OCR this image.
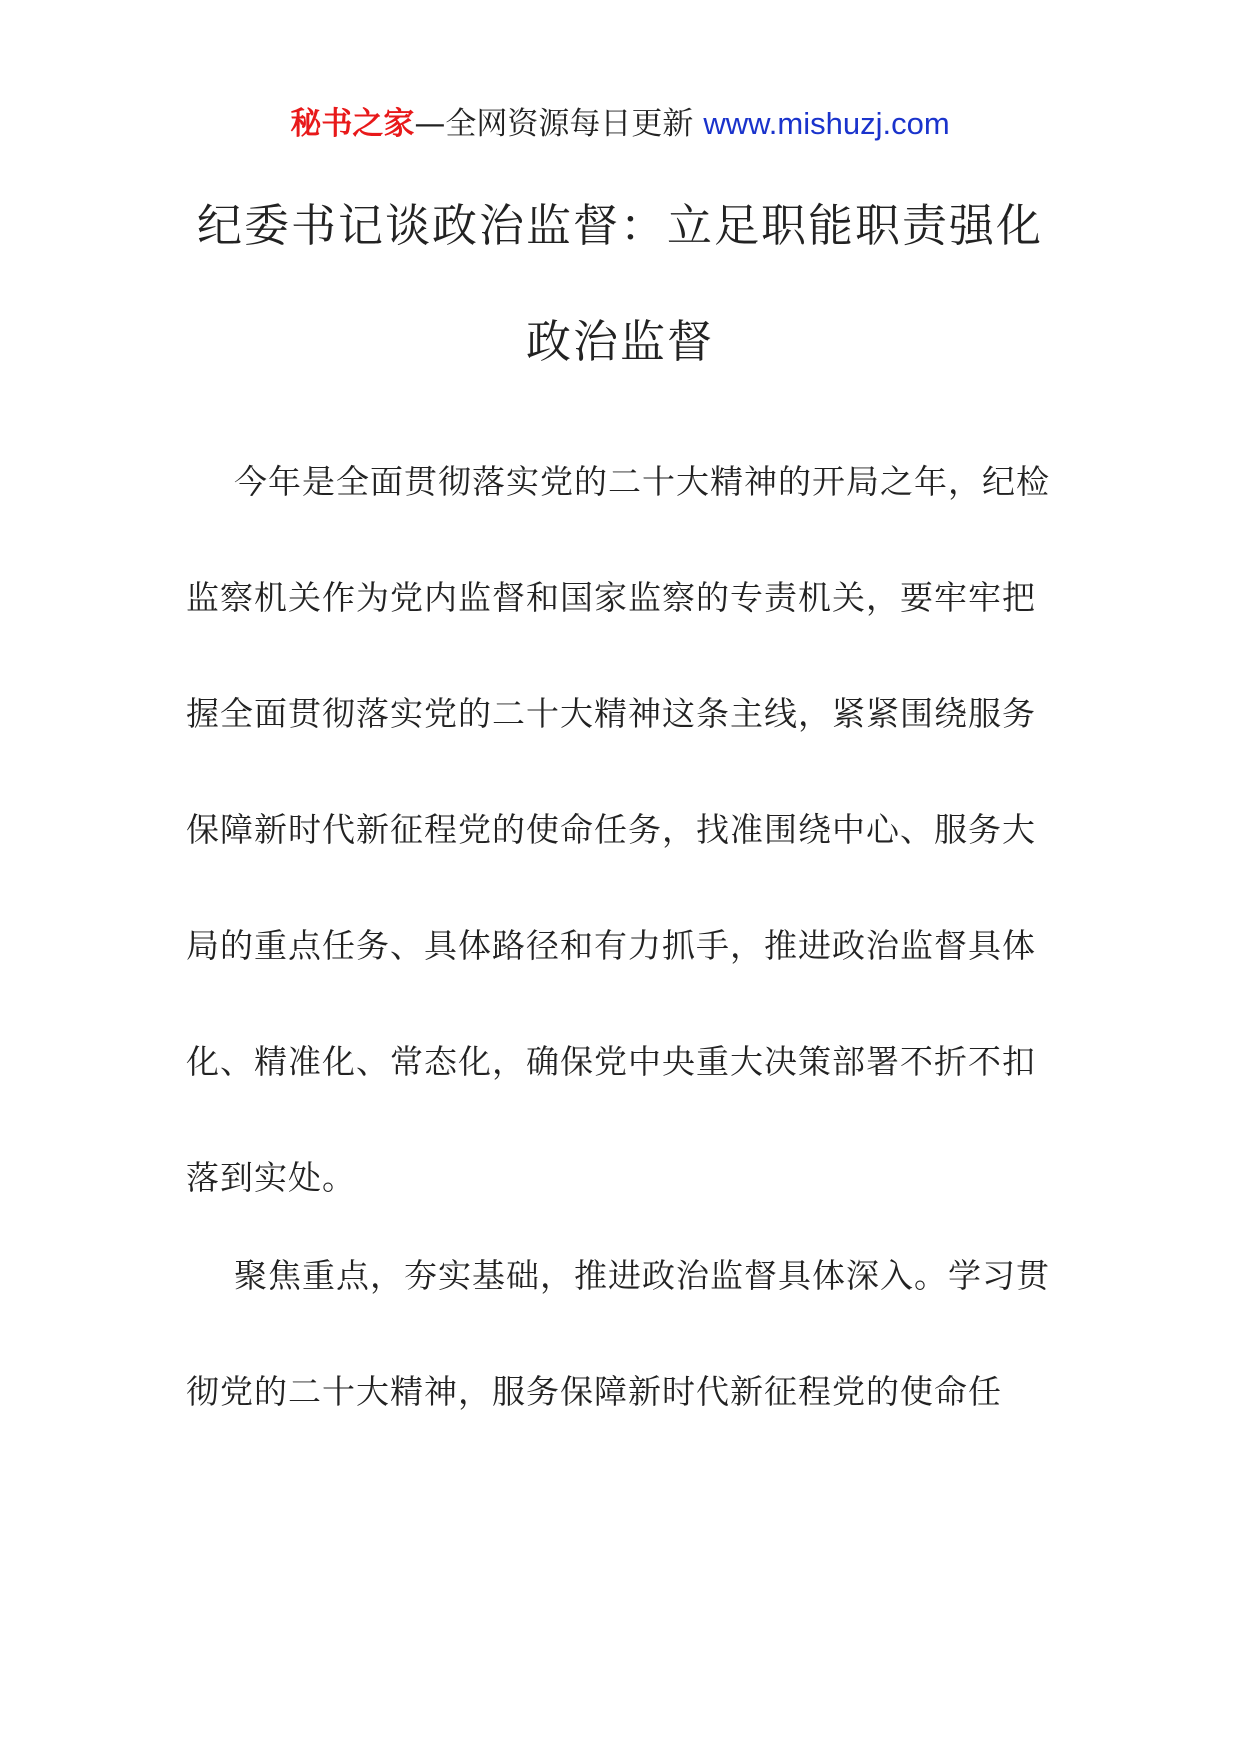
秘书之家—全网资源每日更新 www.mishuzj.com
纪委书记谈政治监督：立足职能职责强化
政治监督

今年是全面贯彻落实党的二十大精神的开局之年，纪检

监察机关作为党内监督和国家监察的专责机关，要牢牢把

握全面贯彻落实党的二十大精神这条主线，紧紧围绕服务

保障新时代新征程党的使命任务，找准围绕中心、服务大

局的重点任务、具体路径和有力抓手，推进政治监督具体

化、精准化、常态化，确保党中央重大决策部署不折不扣

落到实处。

聚焦重点，夯实基础，推进政治监督具体深入。学习贯

彻党的二十大精神，服务保障新时代新征程党的使命任
